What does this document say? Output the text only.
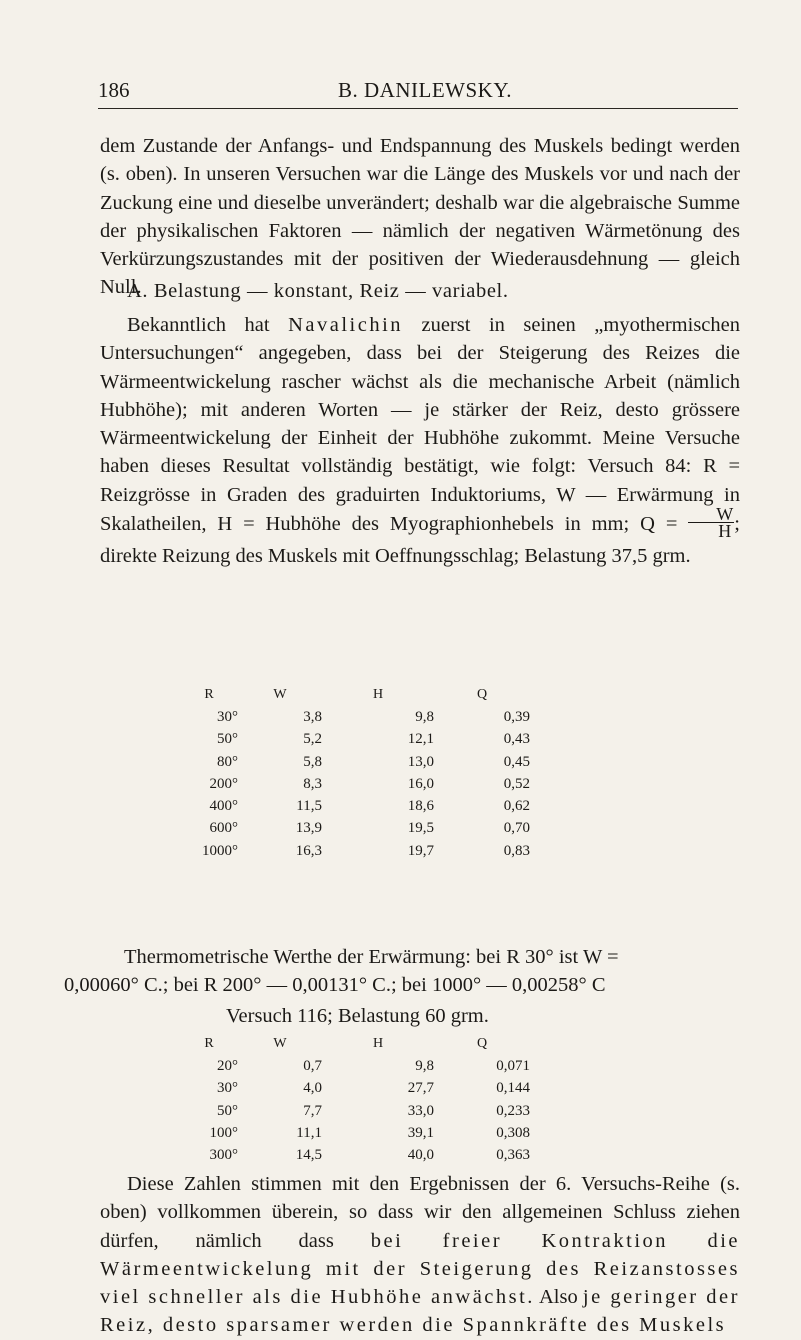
186	B. DANILEWSKY.
dem Zustande der Anfangs- und Endspannung des Muskels bedingt werden (s. oben). In unseren Versuchen war die Länge des Muskels vor und nach der Zuckung eine und dieselbe unverändert; deshalb war die algebraische Summe der physikalischen Faktoren — nämlich der negativen Wärmetönung des Verkürzungszustandes mit der positiven der Wiederausdehnung — gleich Null.
A. Belastung — konstant, Reiz — variabel.
Bekanntlich hat Navalichin zuerst in seinen „myothermischen Untersuchungen“ angegeben, dass bei der Steigerung des Reizes die Wärmeentwickelung rascher wächst als die mechanische Arbeit (nämlich Hubhöhe); mit anderen Worten — je stärker der Reiz, desto grössere Wärmeentwickelung der Einheit der Hubhöhe zukommt. Meine Versuche haben dieses Resultat vollständig bestätigt, wie folgt: Versuch 84: R = Reizgrösse in Graden des graduirten Induktoriums, W — Erwärmung in Skalatheilen, H = Hubhöhe des Myographionhebels in mm; $Q = \frac{W}{H}$ ; direkte Reizung des Muskels mit Oeffnungsschlag; Belastung 37,5 grm.
R	W	H	Q
30°	3,8	9,8	0,39
50°	5,2	12,1	0,43
80°	5,8	13,0	0,45
200°	8,3	16,0	0,52
400°	11,5	18,6	0,62
600°	13,9	19,5	0,70
1000°	16,3	19,7	0,83
Thermometrische Werthe der Erwärmung: bei R 30° ist W =
0,00060° C.; bei R 200° — 0,00131° C.; bei 1000° — 0,00258° C
Versuch 116; Belastung 60 grm.
R	W	H	Q
20°	0,7	9,8	0,071
30°	4,0	27,7	0,144
50°	7,7	33,0	0,233
100°	11,1	39,1	0,308
300°	14,5	40,0	0,363
Diese Zahlen stimmen mit den Ergebnissen der 6. Versuchs-Reihe (s. oben) vollkommen überein, so dass wir den allgemeinen Schluss ziehen dürfen, nämlich dass bei freier Kontraktion die Wärmeentwickelung mit der Steigerung des Reizanstosses viel schneller als die Hubhöhe anwächst. Also je geringer der Reiz, desto sparsamer werden die Spannkräfte des Muskels
